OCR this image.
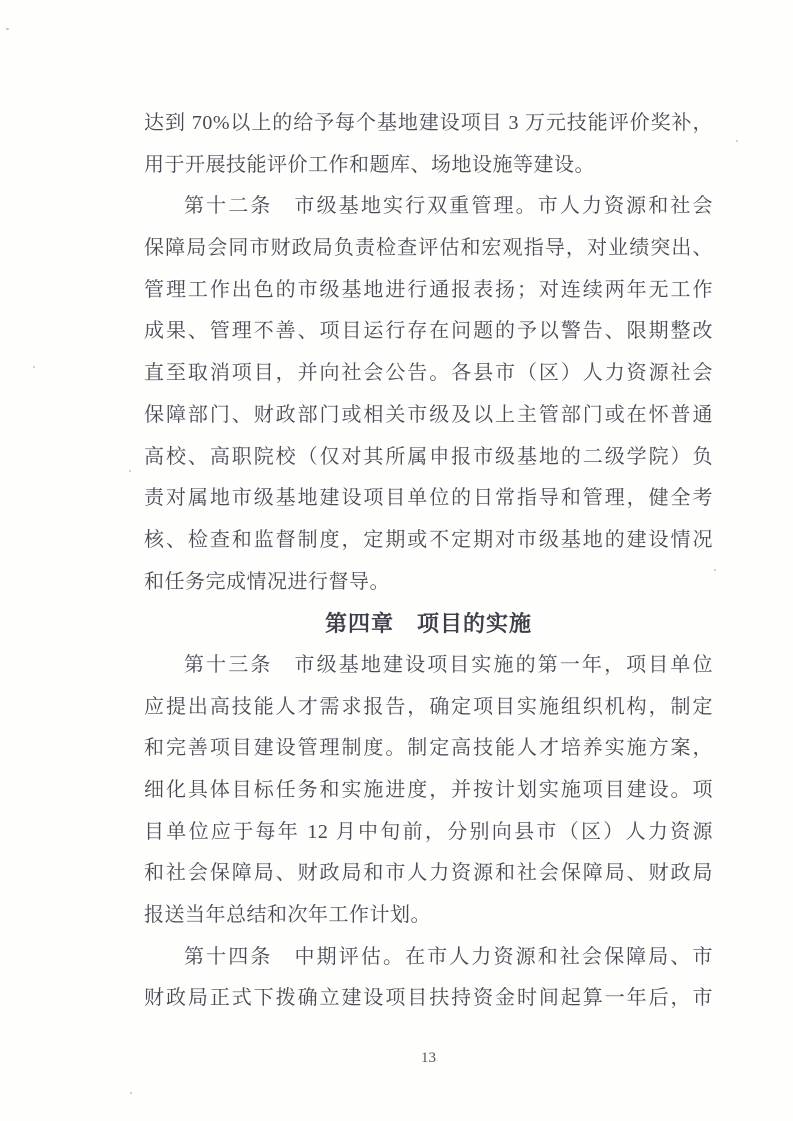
达到 70%以上的给予每个基地建设项目 3 万元技能评价奖补，
用于开展技能评价工作和题库、场地设施等建设。
第十二条　市级基地实行双重管理。市人力资源和社会
保障局会同市财政局负责检查评估和宏观指导，对业绩突出、
管理工作出色的市级基地进行通报表扬；对连续两年无工作
成果、管理不善、项目运行存在问题的予以警告、限期整改
直至取消项目，并向社会公告。各县市（区）人力资源社会
保障部门、财政部门或相关市级及以上主管部门或在怀普通
高校、高职院校（仅对其所属申报市级基地的二级学院）负
责对属地市级基地建设项目单位的日常指导和管理，健全考
核、检查和监督制度，定期或不定期对市级基地的建设情况
和任务完成情况进行督导。
第四章　项目的实施
第十三条　市级基地建设项目实施的第一年，项目单位
应提出高技能人才需求报告，确定项目实施组织机构，制定
和完善项目建设管理制度。制定高技能人才培养实施方案，
细化具体目标任务和实施进度，并按计划实施项目建设。项
目单位应于每年 12 月中旬前，分别向县市（区）人力资源
和社会保障局、财政局和市人力资源和社会保障局、财政局
报送当年总结和次年工作计划。
第十四条　中期评估。在市人力资源和社会保障局、市
财政局正式下拨确立建设项目扶持资金时间起算一年后，市
13
